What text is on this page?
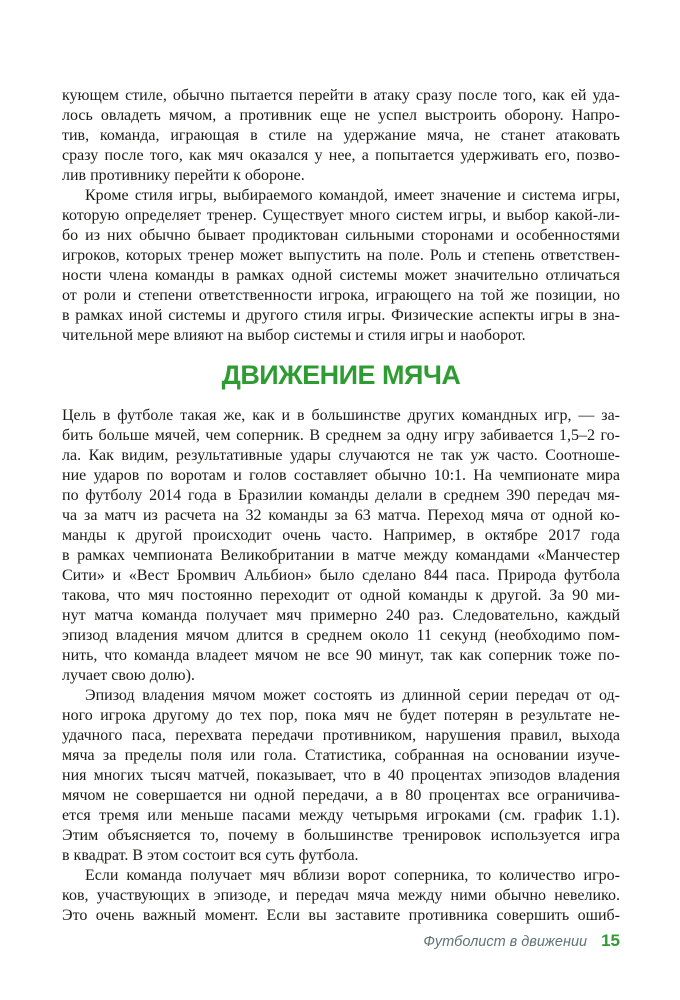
кующем стиле, обычно пытается перейти в атаку сразу после того, как ей уда-
лось овладеть мячом, а противник еще не успел выстроить оборону. Напро-
тив, команда, играющая в стиле на удержание мяча, не станет атаковать
сразу после того, как мяч оказался у нее, а попытается удерживать его, позво-
лив противнику перейти к обороне.
Кроме стиля игры, выбираемого командой, имеет значение и система игры,
которую определяет тренер. Существует много систем игры, и выбор какой-ли-
бо из них обычно бывает продиктован сильными сторонами и особенностями
игроков, которых тренер может выпустить на поле. Роль и степень ответствен-
ности члена команды в рамках одной системы может значительно отличаться
от роли и степени ответственности игрока, играющего на той же позиции, но
в рамках иной системы и другого стиля игры. Физические аспекты игры в зна-
чительной мере влияют на выбор системы и стиля игры и наоборот.
ДВИЖЕНИЕ МЯЧА
Цель в футболе такая же, как и в большинстве других командных игр, — за-
бить больше мячей, чем соперник. В среднем за одну игру забивается 1,5–2 го-
ла. Как видим, результативные удары случаются не так уж часто. Соотноше-
ние ударов по воротам и голов составляет обычно 10:1. На чемпионате мира
по футболу 2014 года в Бразилии команды делали в среднем 390 передач мя-
ча за матч из расчета на 32 команды за 63 матча. Переход мяча от одной ко-
манды к другой происходит очень часто. Например, в октябре 2017 года
в рамках чемпионата Великобритании в матче между командами «Манчестер
Сити» и «Вест Бромвич Альбион» было сделано 844 паса. Природа футбола
такова, что мяч постоянно переходит от одной команды к другой. За 90 ми-
нут матча команда получает мяч примерно 240 раз. Следовательно, каждый
эпизод владения мячом длится в среднем около 11 секунд (необходимо пом-
нить, что команда владеет мячом не все 90 минут, так как соперник тоже по-
лучает свою долю).
Эпизод владения мячом может состоять из длинной серии передач от од-
ного игрока другому до тех пор, пока мяч не будет потерян в результате не-
удачного паса, перехвата передачи противником, нарушения правил, выхода
мяча за пределы поля или гола. Статистика, собранная на основании изуче-
ния многих тысяч матчей, показывает, что в 40 процентах эпизодов владения
мячом не совершается ни одной передачи, а в 80 процентах все ограничива-
ется тремя или меньше пасами между четырьмя игроками (см. график 1.1).
Этим объясняется то, почему в большинстве тренировок используется игра
в квадрат. В этом состоит вся суть футбола.
Если команда получает мяч вблизи ворот соперника, то количество игро-
ков, участвующих в эпизоде, и передач мяча между ними обычно невелико.
Это очень важный момент. Если вы заставите противника совершить ошиб-
Футболист в движении 15
